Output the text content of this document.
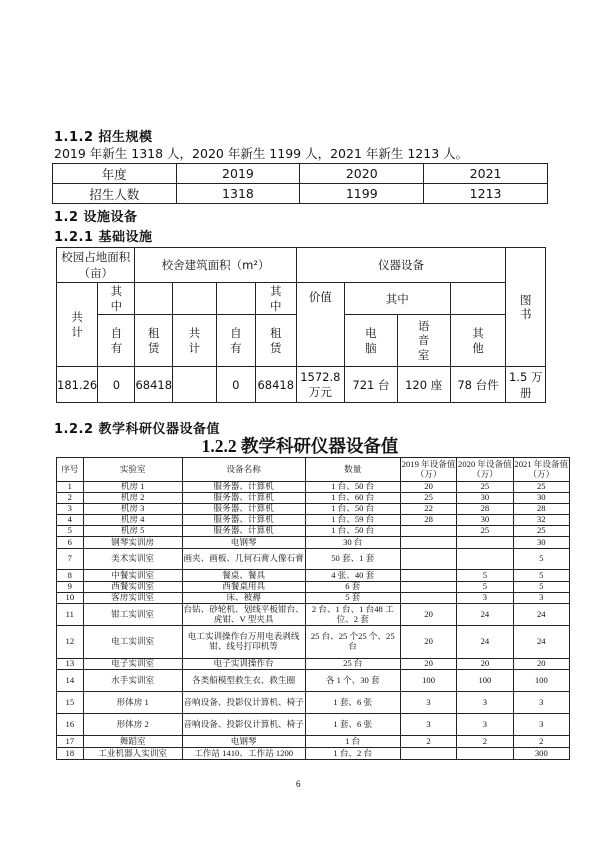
1.1.2 招生规模
2019 年新生 1318 人，2020 年新生 1199 人，2021 年新生 1213 人。
年度	2019	2020	2021
招生人数	1318	1199	1213
1.2 设施设备
1.2.1 基础设施
校园占地面积（亩）		校舍建筑面积（m²）				仪器设备				图书
共计	其中				其中	价值	其中			
	自有	租赁	共计	自有	租赁		电脑	语音室	其他	
181.26	0	68418		0	68418	1572.8万元	721 台	120 座	78 台件	1.5 万册
1.2.2 教学科研仪器设备值
1.2.2 教学科研仪器设备值
序号	实验室	设备名称	数量	2019 年设备值（万）	2020 年设备值（万）	2021 年设备值（万）
1	机房 1	服务器、计算机	1 台、50 台	20	25	25
2	机房 2	服务器、计算机	1 台、60 台	25	30	30
3	机房 3	服务器、计算机	1 台、50 台	22	28	28
4	机房 4	服务器、计算机	1 台、59 台	28	30	32
5	机房 5	服务器、计算机	1 台、50 台		25	25
6	钢琴实训房	电钢琴	30 台			30
7	美术实训室	画夹、画板、几何石膏人像石膏	50 套、1 套			5
8	中餐实训室	餐桌、餐具	4 张、40 套		5	5
9	西餐实训室	西餐桌用具	6 套		5	5
10	客房实训室	床、被褥	5 套		3	3
11	钳工实训室	台钻、砂轮机、划线平板钳台、虎钳、V 型夹具	2 台、1 台、1 台48 工位、2 套	20	24	24
12	电工实训室	电工实训操作台万用电表剥线钳、线号打印机等	25 台、25 个25 个、25 台	20	24	24
13	电子实训室	电子实训操作台	25 台	20	20	20
14	水手实训室	各类船模型救生衣、救生圈	各 1 个、30 套	100	100	100
15	形体房 1	音响设备、投影仪计算机、椅子	1 套、6 张	3	3	3
16	形体房 2	音响设备、投影仪计算机、椅子	1 套、6 张	3	3	3
17	舞蹈室	电钢琴	1 台	2	2	2
18	工业机器人实训室	工作站 1410、工作站 1200	1 台、2 台			300
6
